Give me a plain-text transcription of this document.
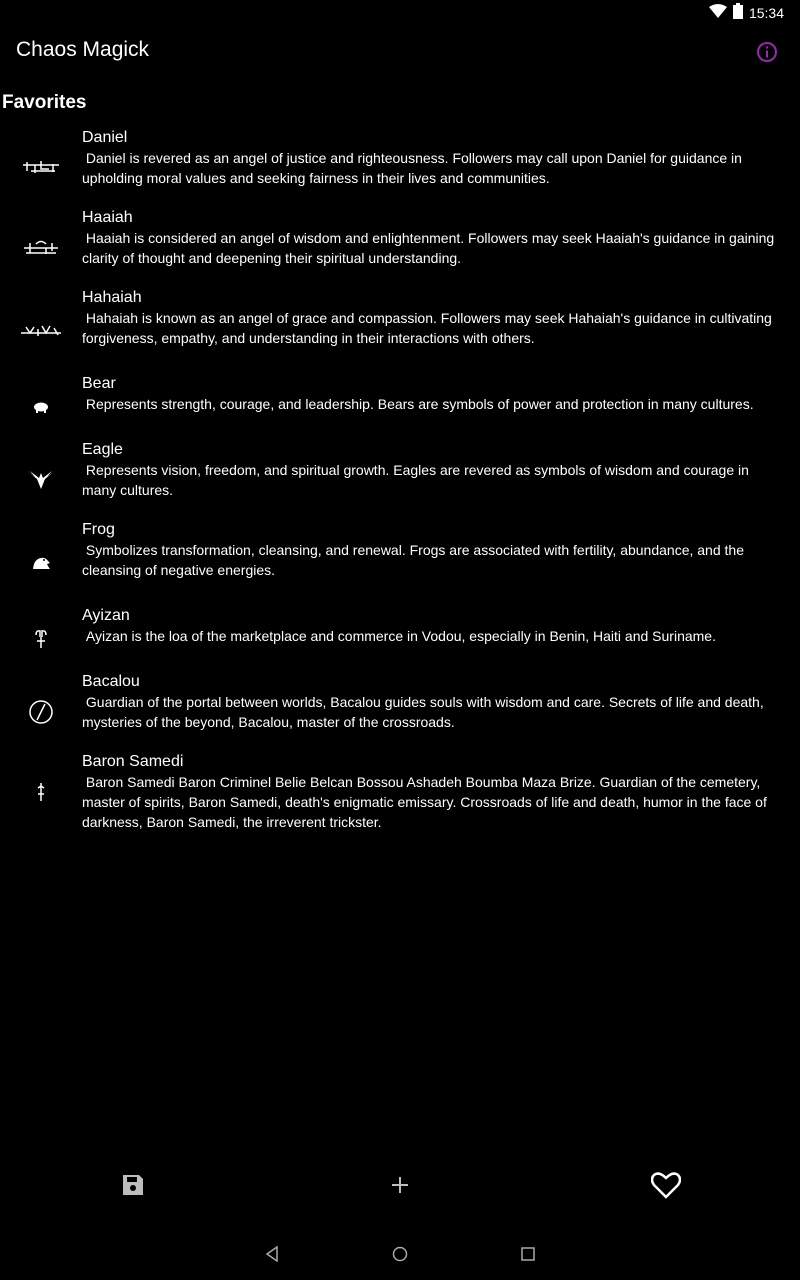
15:34
Chaos Magick
Favorites
Daniel
Daniel is revered as an angel of justice and righteousness. Followers may call upon Daniel for guidance in upholding moral values and seeking fairness in their lives and communities.
Haaiah
Haaiah is considered an angel of wisdom and enlightenment. Followers may seek Haaiah's guidance in gaining clarity of thought and deepening their spiritual understanding.
Hahaiah
Hahaiah is known as an angel of grace and compassion. Followers may seek Hahaiah's guidance in cultivating forgiveness, empathy, and understanding in their interactions with others.
Bear
Represents strength, courage, and leadership. Bears are symbols of power and protection in many cultures.
Eagle
Represents vision, freedom, and spiritual growth. Eagles are revered as symbols of wisdom and courage in many cultures.
Frog
Symbolizes transformation, cleansing, and renewal. Frogs are associated with fertility, abundance, and the cleansing of negative energies.
Ayizan
Ayizan is the loa of the marketplace and commerce in Vodou, especially in Benin, Haiti and Suriname.
Bacalou
Guardian of the portal between worlds, Bacalou guides souls with wisdom and care. Secrets of life and death, mysteries of the beyond, Bacalou, master of the crossroads.
Baron Samedi
Baron Samedi Baron Criminel Belie Belcan Bossou Ashadeh Boumba Maza Brize. Guardian of the cemetery, master of spirits, Baron Samedi, death's enigmatic emissary. Crossroads of life and death, humor in the face of darkness, Baron Samedi, the irreverent trickster.
